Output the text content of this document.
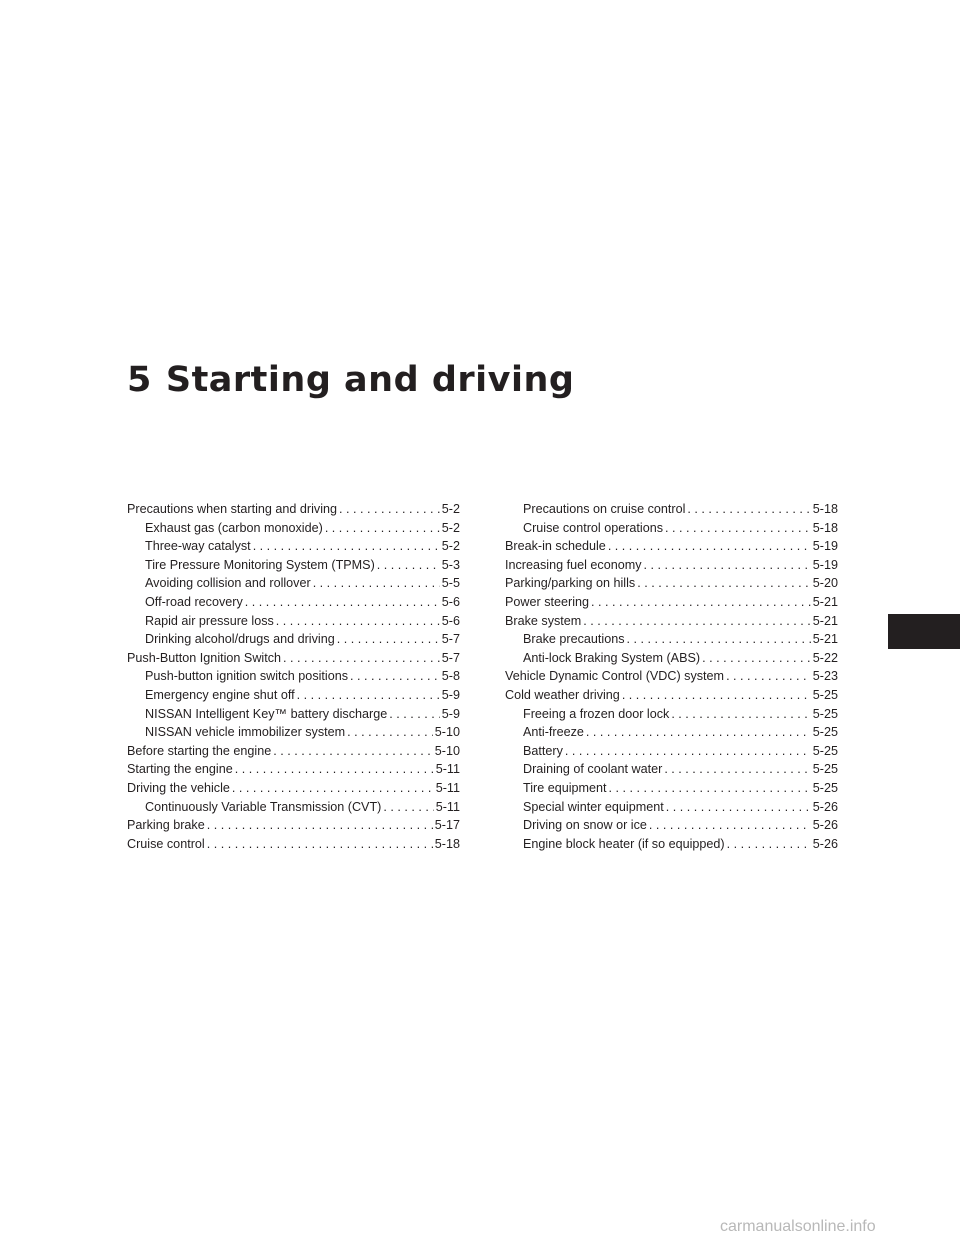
5 Starting and driving
Precautions when starting and driving . . .	5-2
Exhaust gas (carbon monoxide) . . .	5-2
Three-way catalyst . . .	5-2
Tire Pressure Monitoring System (TPMS) . . .	5-3
Avoiding collision and rollover . . .	5-5
Off-road recovery . . .	5-6
Rapid air pressure loss . . .	5-6
Drinking alcohol/drugs and driving . . .	5-7
Push-Button Ignition Switch . . .	5-7
Push-button ignition switch positions . . .	5-8
Emergency engine shut off . . .	5-9
NISSAN Intelligent Key™ battery discharge . . .	5-9
NISSAN vehicle immobilizer system . . .	5-10
Before starting the engine . . .	5-10
Starting the engine . . .	5-11
Driving the vehicle . . .	5-11
Continuously Variable Transmission (CVT) . . .	5-11
Parking brake . . .	5-17
Cruise control . . .	5-18
Precautions on cruise control . . .	5-18
Cruise control operations . . .	5-18
Break-in schedule . . .	5-19
Increasing fuel economy . . .	5-19
Parking/parking on hills . . .	5-20
Power steering . . .	5-21
Brake system . . .	5-21
Brake precautions . . .	5-21
Anti-lock Braking System (ABS) . . .	5-22
Vehicle Dynamic Control (VDC) system . . .	5-23
Cold weather driving . . .	5-25
Freeing a frozen door lock . . .	5-25
Anti-freeze . . .	5-25
Battery . . .	5-25
Draining of coolant water . . .	5-25
Tire equipment . . .	5-25
Special winter equipment . . .	5-26
Driving on snow or ice . . .	5-26
Engine block heater (if so equipped) . . .	5-26
carmanualsonline.info
